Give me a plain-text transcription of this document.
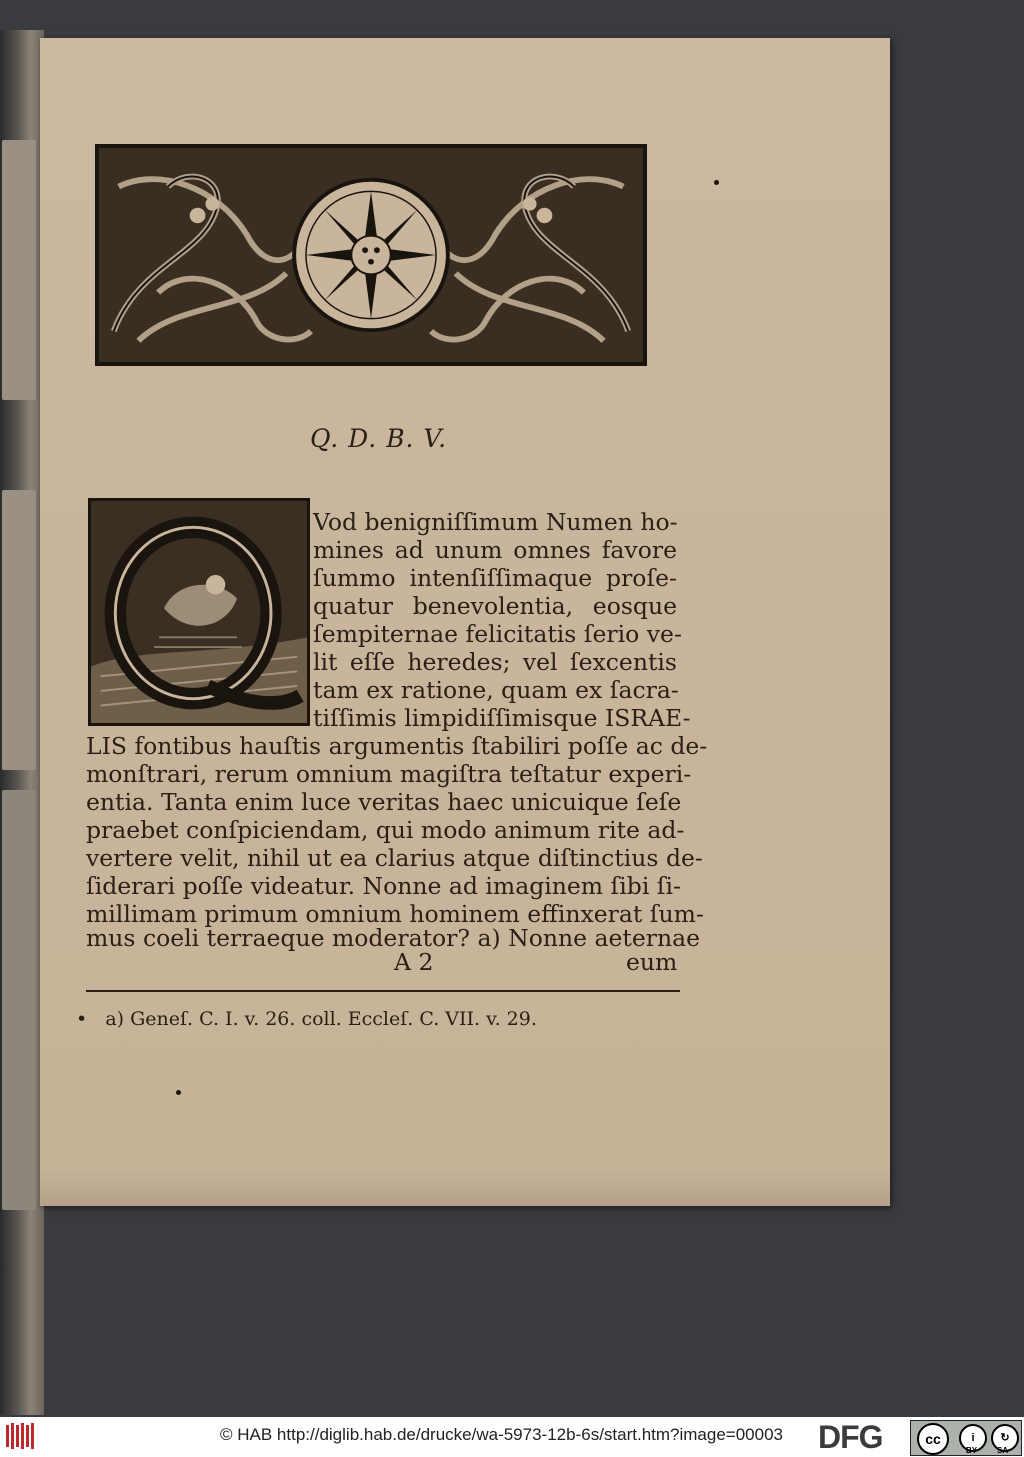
Q. D. B. V.
Vod benigniſſimum Numen ho-
mines ad unum omnes favore
ſummo intenſiſſimaque proſe-
quatur benevolentia, eosque
ſempiternae felicitatis ſerio ve-
lit eſſe heredes; vel ſexcentis
tam ex ratione, quam ex ſacra-
tiſſimis limpidiſſimisque ISRAE-
LIS fontibus hauſtis argumentis ſtabiliri poſſe ac de-
monſtrari, rerum omnium magiſtra teſtatur experi-
entia. Tanta enim luce veritas haec unicuique ſeſe
praebet conſpiciendam, qui modo animum rite ad-
vertere velit, nihil ut ea clarius atque diſtinctius de-
ſiderari poſſe videatur. Nonne ad imaginem ſibi ſi-
millimam primum omnium hominem effinxerat ſum-
mus coeli terraeque moderator? a) Nonne aeternae
A 2	eum
•   a) Geneſ. C. I. v. 26. coll. Eccleſ. C. VII. v. 29.
© HAB http://diglib.hab.de/drucke/wa-5973-12b-6s/start.htm?image=00003 DFG	cc	i	↻
BY SA
